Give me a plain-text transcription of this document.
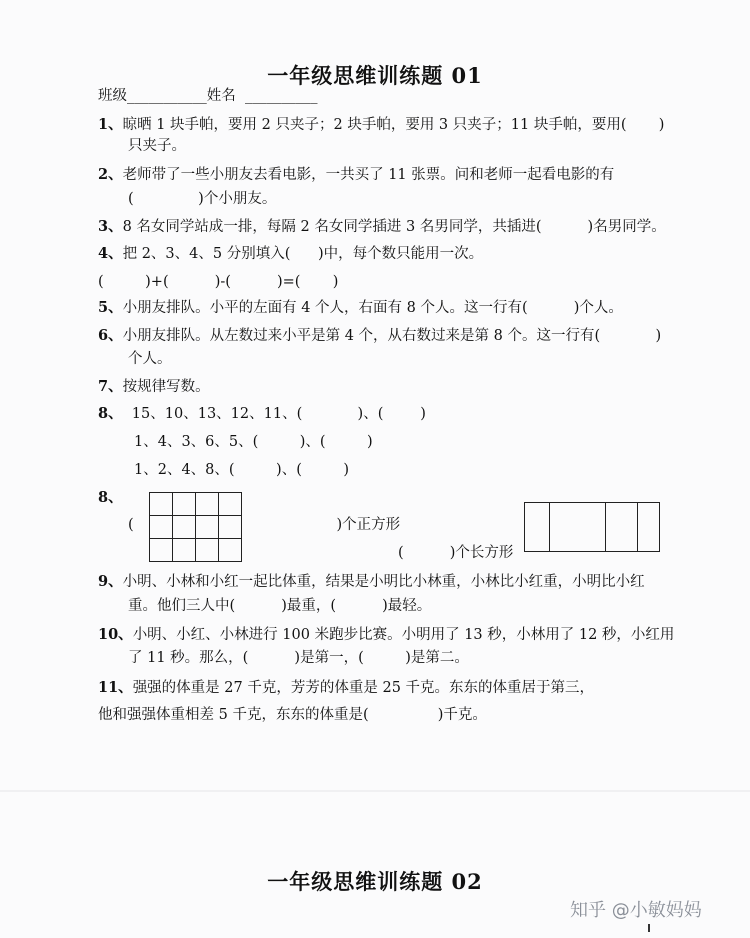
一年级思维训练题 01
班级___________姓名  __________
1、晾晒 1 块手帕，要用 2 只夹子；2 块手帕，要用 3 只夹子；11 块手帕，要用(       )
只夹子。
2、老师带了一些小朋友去看电影，一共买了 11 张票。问和老师一起看电影的有
(              )个小朋友。
3、8 名女同学站成一排，每隔 2 名女同学插进 3 名男同学，共插进(          )名男同学。
4、把 2、3、4、5 分别填入(      )中，每个数只能用一次。
(         )+(          )-(          )=(       )
5、小朋友排队。小平的左面有 4 个人，右面有 8 个人。这一行有(          )个人。
6、小朋友排队。从左数过来小平是第 4 个，从右数过来是第 8 个。这一行有(            )
个人。
7、按规律写数。
8、  15、10、13、12、11、(            )、(        )
1、4、3、6、5、(         )、(         )
1、2、4、8、(         )、(         )
8、

(                                            )个正方形
(          )个长方形
9、小明、小林和小红一起比体重，结果是小明比小林重，小林比小红重，小明比小红
重。他们三人中(          )最重，(          )最轻。
10、小明、小红、小林进行 100 米跑步比赛。小明用了 13 秒，小林用了 12 秒，小红用
了 11 秒。那么，(          )是第一，(         )是第二。
11、强强的体重是 27 千克，芳芳的体重是 25 千克。东东的体重居于第三，
他和强强体重相差 5 千克，东东的体重是(               )千克。
一年级思维训练题 02
知乎 @小敏妈妈
